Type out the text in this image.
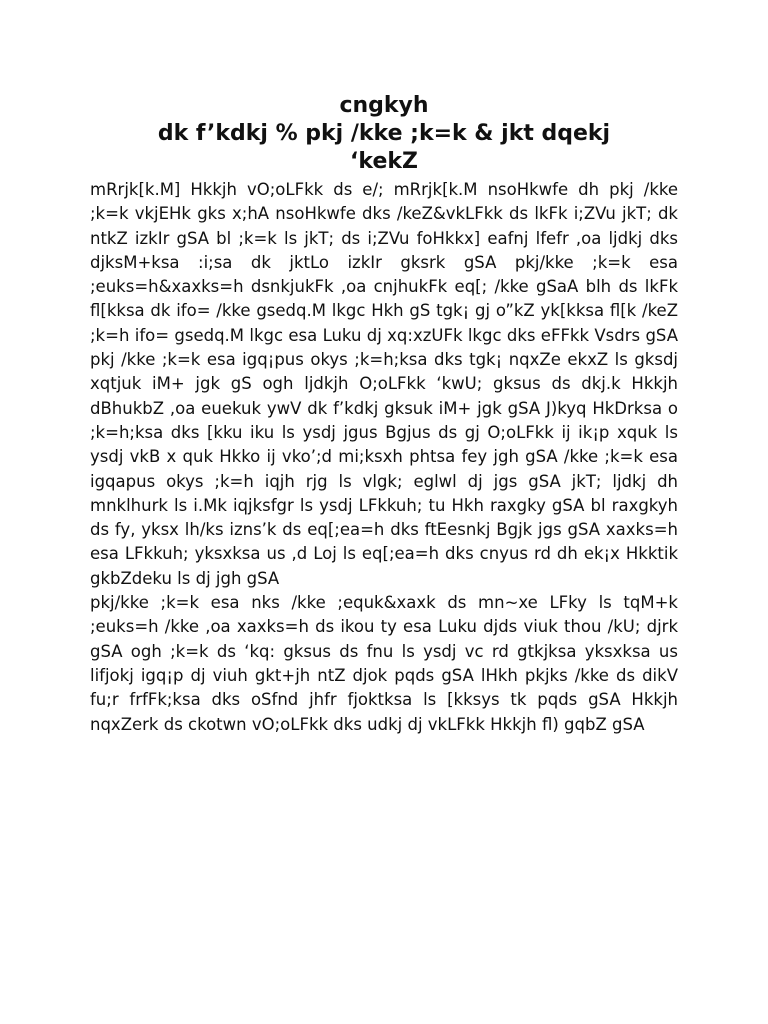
cngkyh
dk f’kdkj % pkj /kke ;k=k & jkt dqekj
‘kekZ

mRrjk[k.M] Hkkjh vO;oLFkk ds e/; mRrjk[k.M nsoHkwfe dh pkj /kke ;k=k vkjEHk gks x;hA nsoHkwfe dks /keZ&vkLFkk ds lkFk i;ZVu jkT; dk ntkZ izkIr gSA bl ;k=k ls jkT; ds i;ZVu foHkkx] eafnj lfefr ,oa ljdkj dks djksM+ksa :i;sa dk jktLo izkIr gksrk gSA pkj/kke ;k=k esa ;euks=h&xaxks=h dsnkjukFk ,oa cnjhukFk eq[; /kke gSaA blh ds lkFk fl[kksa dk ifo= /kke gsedq.M lkgc Hkh gS tgk¡ gj o”kZ yk[kksa fl[k /keZ ;k=h ifo= gsedq.M lkgc esa Luku dj xq:xzUFk lkgc dks eFFkk Vsdrs gSA pkj /kke ;k=k esa igq¡pus okys ;k=h;ksa dks tgk¡ nqxZe ekxZ ls gksdj xqtjuk iM+ jgk gS ogh ljdkjh O;oLFkk ‘kwU; gksus ds dkj.k Hkkjh dBhukbZ ,oa euekuk ywV dk f’kdkj gksuk iM+ jgk gSA J)kyq HkDrksa o ;k=h;ksa dks [kku iku ls ysdj jgus Bgjus ds gj O;oLFkk ij ik¡p xquk ls ysdj vkB x quk Hkko ij vko’;d mi;ksxh phtsa fey jgh gSA /kke ;k=k esa igqapus okys ;k=h iqjh rjg ls vlgk; eglwl dj jgs gSA jkT; ljdkj dh mnklhurk ls i.Mk iqjksfgr ls ysdj LFkkuh; tu Hkh raxgky gSA bl raxgkyh ds fy, yksx lh/ks izns’k ds eq[;ea=h dks ftEesnkj Bgjk jgs gSA xaxks=h esa LFkkuh; yksxksa us ,d Loj ls eq[;ea=h dks cnyus rd dh ek¡x Hkktik gkbZdeku ls dj jgh gSA

pkj/kke ;k=k esa nks /kke ;equk&xaxk ds mn~xe LFky ls tqM+k ;euks=h /kke ,oa xaxks=h ds ikou ty esa Luku djds viuk thou /kU; djrk gSA ogh ;k=k ds ‘kq: gksus ds fnu ls ysdj vc rd gtkjksa yksxksa us lifjokj igq¡p dj viuh gkt+jh ntZ djok pqds gSA lHkh pkjks /kke ds dikV fu;r frfFk;ksa dks oSfnd jhfr fjoktksa ls [kksys tk pqds gSA Hkkjh nqxZerk ds ckotwn vO;oLFkk dks udkj dj vkLFkk Hkkjh fl) gqbZ gSA
